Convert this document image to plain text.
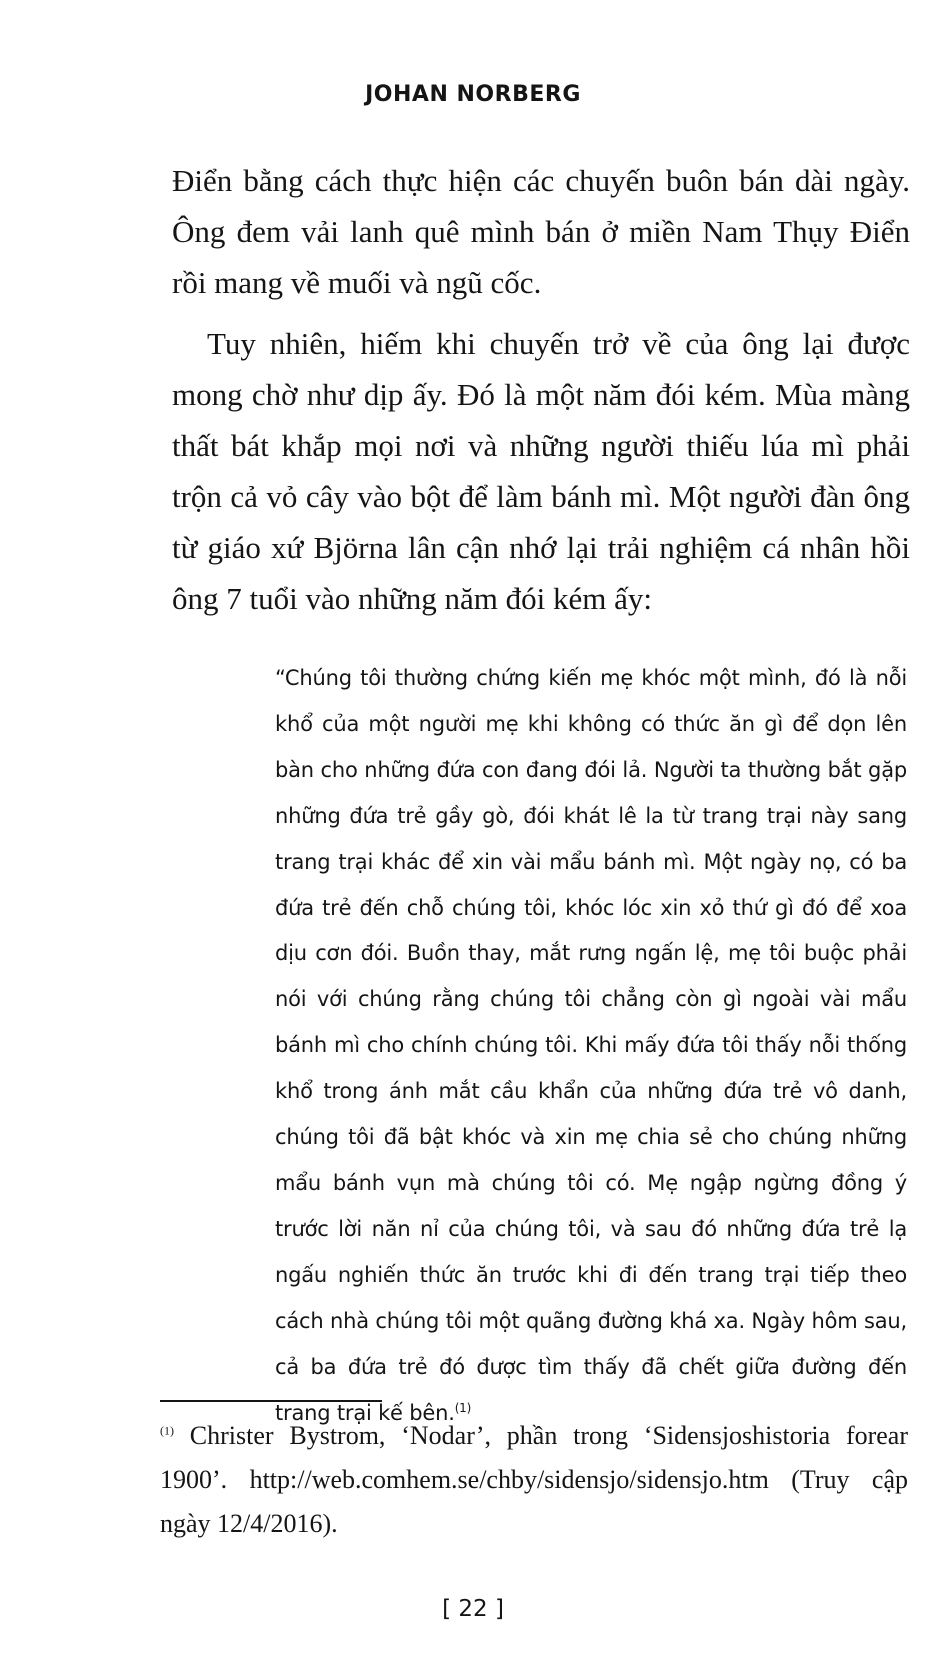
JOHAN NORBERG

Điển bằng cách thực hiện các chuyến buôn bán dài ngày. Ông đem vải lanh quê mình bán ở miền Nam Thụy Điển rồi mang về muối và ngũ cốc.

Tuy nhiên, hiếm khi chuyến trở về của ông lại được mong chờ như dịp ấy. Đó là một năm đói kém. Mùa màng thất bát khắp mọi nơi và những người thiếu lúa mì phải trộn cả vỏ cây vào bột để làm bánh mì. Một người đàn ông từ giáo xứ Björna lân cận nhớ lại trải nghiệm cá nhân hồi ông 7 tuổi vào những năm đói kém ấy:

“Chúng tôi thường chứng kiến mẹ khóc một mình, đó là nỗi khổ của một người mẹ khi không có thức ăn gì để dọn lên bàn cho những đứa con đang đói lả. Người ta thường bắt gặp những đứa trẻ gầy gò, đói khát lê la từ trang trại này sang trang trại khác để xin vài mẩu bánh mì. Một ngày nọ, có ba đứa trẻ đến chỗ chúng tôi, khóc lóc xin xỏ thứ gì đó để xoa dịu cơn đói. Buồn thay, mắt rưng ngấn lệ, mẹ tôi buộc phải nói với chúng rằng chúng tôi chẳng còn gì ngoài vài mẩu bánh mì cho chính chúng tôi. Khi mấy đứa tôi thấy nỗi thống khổ trong ánh mắt cầu khẩn của những đứa trẻ vô danh, chúng tôi đã bật khóc và xin mẹ chia sẻ cho chúng những mẩu bánh vụn mà chúng tôi có. Mẹ ngập ngừng đồng ý trước lời năn nỉ của chúng tôi, và sau đó những đứa trẻ lạ ngấu nghiến thức ăn trước khi đi đến trang trại tiếp theo cách nhà chúng tôi một quãng đường khá xa. Ngày hôm sau, cả ba đứa trẻ đó được tìm thấy đã chết giữa đường đến trang trại kế bên.$^{(1)}$

$^{(1)}$ Christer Bystrom, ‘Nodar’, phần trong ‘Sidensjoshistoria forear 1900’. http://web.comhem.se/chby/sidensjo/sidensjo.htm (Truy cập ngày 12/4/2016).

[ 22 ]
